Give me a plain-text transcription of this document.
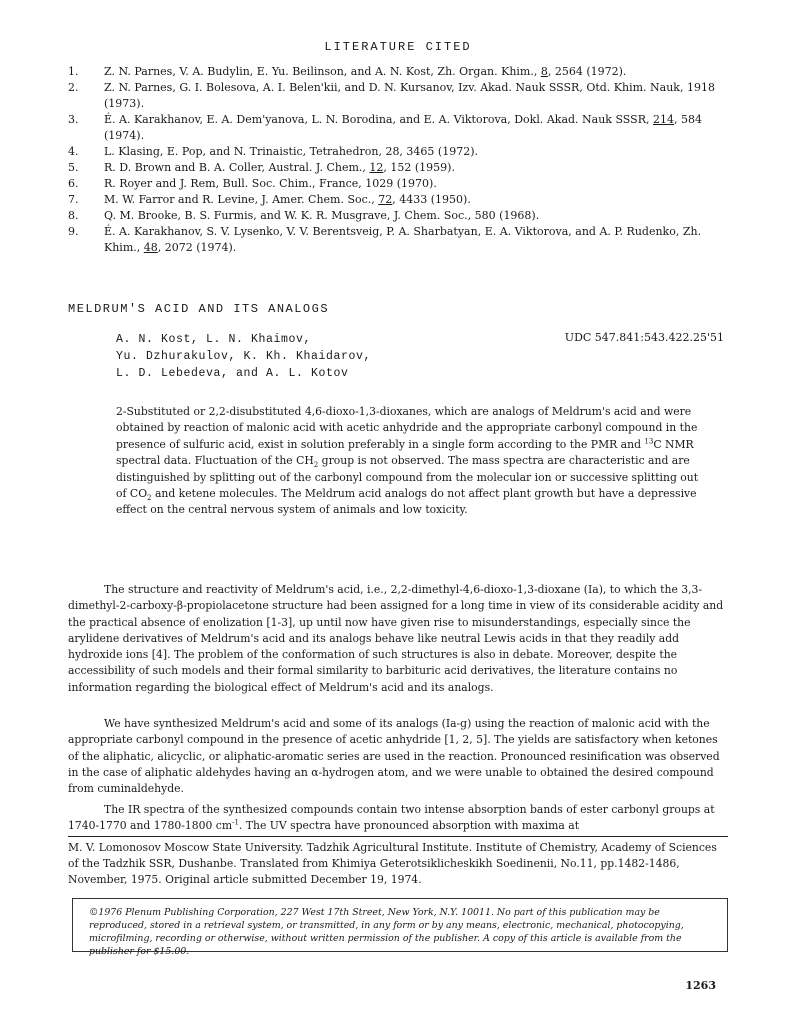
LITERATURE CITED
1.	Z. N. Parnes, V. A. Budylin, E. Yu. Beilinson, and A. N. Kost, Zh. Organ. Khim., 8, 2564 (1972).
2.	Z. N. Parnes, G. I. Bolesova, A. I. Belen'kii, and D. N. Kursanov, Izv. Akad. Nauk SSSR, Otd. Khim. Nauk, 1918 (1973).
3.	É. A. Karakhanov, E. A. Dem'yanova, L. N. Borodina, and E. A. Viktorova, Dokl. Akad. Nauk SSSR, 214, 584 (1974).
4.	L. Klasing, E. Pop, and N. Trinaistic, Tetrahedron, 28, 3465 (1972).
5.	R. D. Brown and B. A. Coller, Austral. J. Chem., 12, 152 (1959).
6.	R. Royer and J. Rem, Bull. Soc. Chim., France, 1029 (1970).
7.	M. W. Farror and R. Levine, J. Amer. Chem. Soc., 72, 4433 (1950).
8.	Q. M. Brooke, B. S. Furmis, and W. K. R. Musgrave, J. Chem. Soc., 580 (1968).
9.	É. A. Karakhanov, S. V. Lysenko, V. V. Berentsveig, P. A. Sharbatyan, E. A. Viktorova, and A. P. Rudenko, Zh. Khim., 48, 2072 (1974).
MELDRUM'S ACID AND ITS ANALOGS
A. N. Kost, L. N. Khaimov,
Yu. Dzhurakulov, K. Kh. Khaidarov,
L. D. Lebedeva, and A. L. Kotov
UDC 547.841:543.422.25'51

2-Substituted or 2,2-disubstituted 4,6-dioxo-1,3-dioxanes, which are analogs of Meldrum's acid and were obtained by reaction of malonic acid with acetic anhydride and the appropriate carbonyl compound in the presence of sulfuric acid, exist in solution preferably in a single form according to the PMR and $^{13}$C NMR spectral data. Fluctuation of the $CH_2$ group is not observed. The mass spectra are characteristic and are distinguished by splitting out of the carbonyl compound from the molecular ion or successive splitting out of $CO_2$ and ketene molecules. The Meldrum acid analogs do not affect plant growth but have a depressive effect on the central nervous system of animals and low toxicity.

The structure and reactivity of Meldrum's acid, i.e., 2,2-dimethyl-4,6-dioxo-1,3-dioxane (Ia), to which the 3,3-dimethyl-2-carboxy-β-propiolacetone structure had been assigned for a long time in view of its considerable acidity and the practical absence of enolization [1-3], up until now have given rise to misunderstandings, especially since the arylidene derivatives of Meldrum's acid and its analogs behave like neutral Lewis acids in that they readily add hydroxide ions [4]. The problem of the conformation of such structures is also in debate. Moreover, despite the accessibility of such models and their formal similarity to barbituric acid derivatives, the literature contains no information regarding the biological effect of Meldrum's acid and its analogs.

We have synthesized Meldrum's acid and some of its analogs (Ia-g) using the reaction of malonic acid with the appropriate carbonyl compound in the presence of acetic anhydride [1, 2, 5]. The yields are satisfactory when ketones of the aliphatic, alicyclic, or aliphatic-aromatic series are used in the reaction. Pronounced resinification was observed in the case of aliphatic aldehydes having an α-hydrogen atom, and we were unable to obtained the desired compound from cuminaldehyde.

The IR spectra of the synthesized compounds contain two intense absorption bands of ester carbonyl groups at 1740-1770 and 1780-1800 $cm^{-1}$. The UV spectra have pronounced absorption with maxima at

M. V. Lomonosov Moscow State University. Tadzhik Agricultural Institute. Institute of Chemistry, Academy of Sciences of the Tadzhik SSR, Dushanbe. Translated from Khimiya Geterotsiklicheskikh Soedinenii, No.11, pp.1482-1486, November, 1975. Original article submitted December 19, 1974.

©1976 Plenum Publishing Corporation, 227 West 17th Street, New York, N.Y. 10011. No part of this publication may be reproduced, stored in a retrieval system, or transmitted, in any form or by any means, electronic, mechanical, photocopying, microfilming, recording or otherwise, without written permission of the publisher. A copy of this article is available from the publisher for $15.00.
1263
